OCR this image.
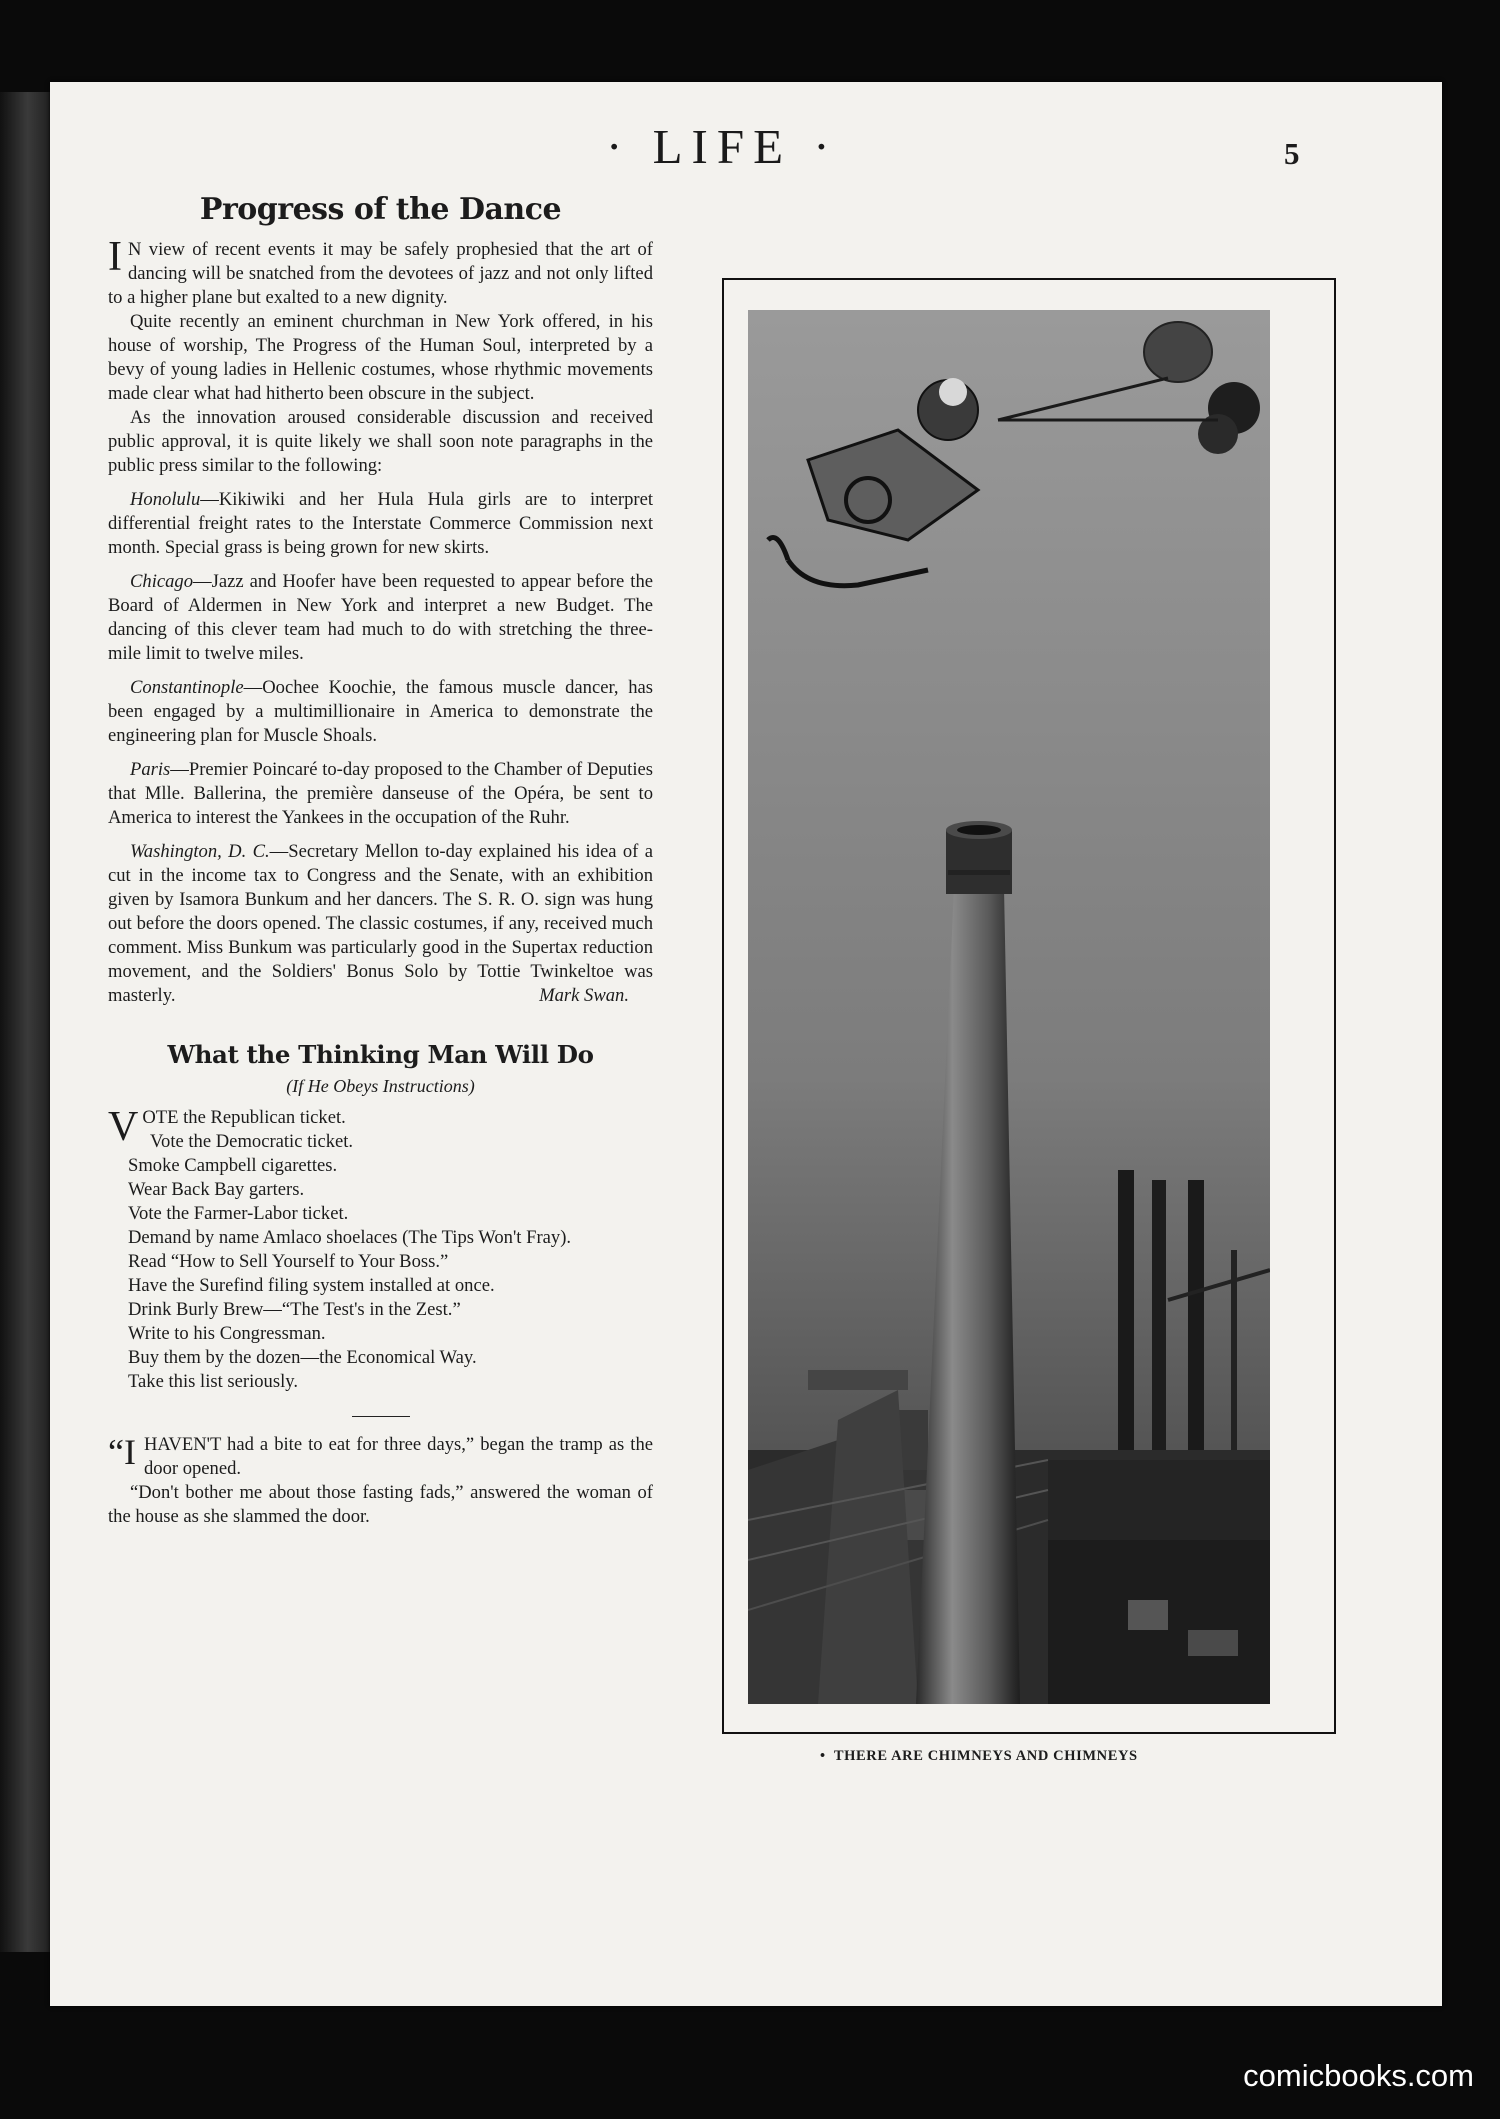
· LIFE ·	5
Progress of the Dance

I N view of recent events it may be safely prophesied that the art of dancing will be snatched from the devotees of jazz and not only lifted to a higher plane but exalted to a new dignity.

Quite recently an eminent churchman in New York offered, in his house of worship, The Progress of the Human Soul, interpreted by a bevy of young ladies in Hellenic costumes, whose rhythmic movements made clear what had hitherto been obscure in the subject.

As the innovation aroused considerable discussion and received public approval, it is quite likely we shall soon note paragraphs in the public press similar to the following:

Honolulu—Kikiwiki and her Hula Hula girls are to interpret differential freight rates to the Interstate Commerce Commission next month. Special grass is being grown for new skirts.

Chicago—Jazz and Hoofer have been requested to appear before the Board of Aldermen in New York and interpret a new Budget. The dancing of this clever team had much to do with stretching the three-mile limit to twelve miles.

Constantinople—Oochee Koochie, the famous muscle dancer, has been engaged by a multimillionaire in America to demonstrate the engineering plan for Muscle Shoals.

Paris—Premier Poincaré to-day proposed to the Chamber of Deputies that Mlle. Ballerina, the première danseuse of the Opéra, be sent to America to interest the Yankees in the occupation of the Ruhr.

Washington, D. C.—Secretary Mellon to-day explained his idea of a cut in the income tax to Congress and the Senate, with an exhibition given by Isamora Bunkum and her dancers. The S. R. O. sign was hung out before the doors opened. The classic costumes, if any, received much comment. Miss Bunkum was particularly good in the Supertax reduction movement, and the Soldiers' Bonus Solo by Tottie Twinkeltoe was masterly.	Mark Swan.

What the Thinking Man Will Do
(If He Obeys Instructions)

VOTE the Republican ticket.

Vote the Democratic ticket.

Smoke Campbell cigarettes.

Wear Back Bay garters.

Vote the Farmer-Labor ticket.

Demand by name Amlaco shoelaces (The Tips Won't Fray).

Read “How to Sell Yourself to Your Boss.”

Have the Surefind filing system installed at once.

Drink Burly Brew—“The Test's in the Zest.”

Write to his Congressman.

Buy them by the dozen—the Economical Way.

Take this list seriously.

“IHAVEN'T had a bite to eat for three days,” began the tramp as the door opened.

“Don't bother me about those fasting fads,” answered the woman of the house as she slammed the door.

• THERE ARE CHIMNEYS AND CHIMNEYS
comicbooks.com
